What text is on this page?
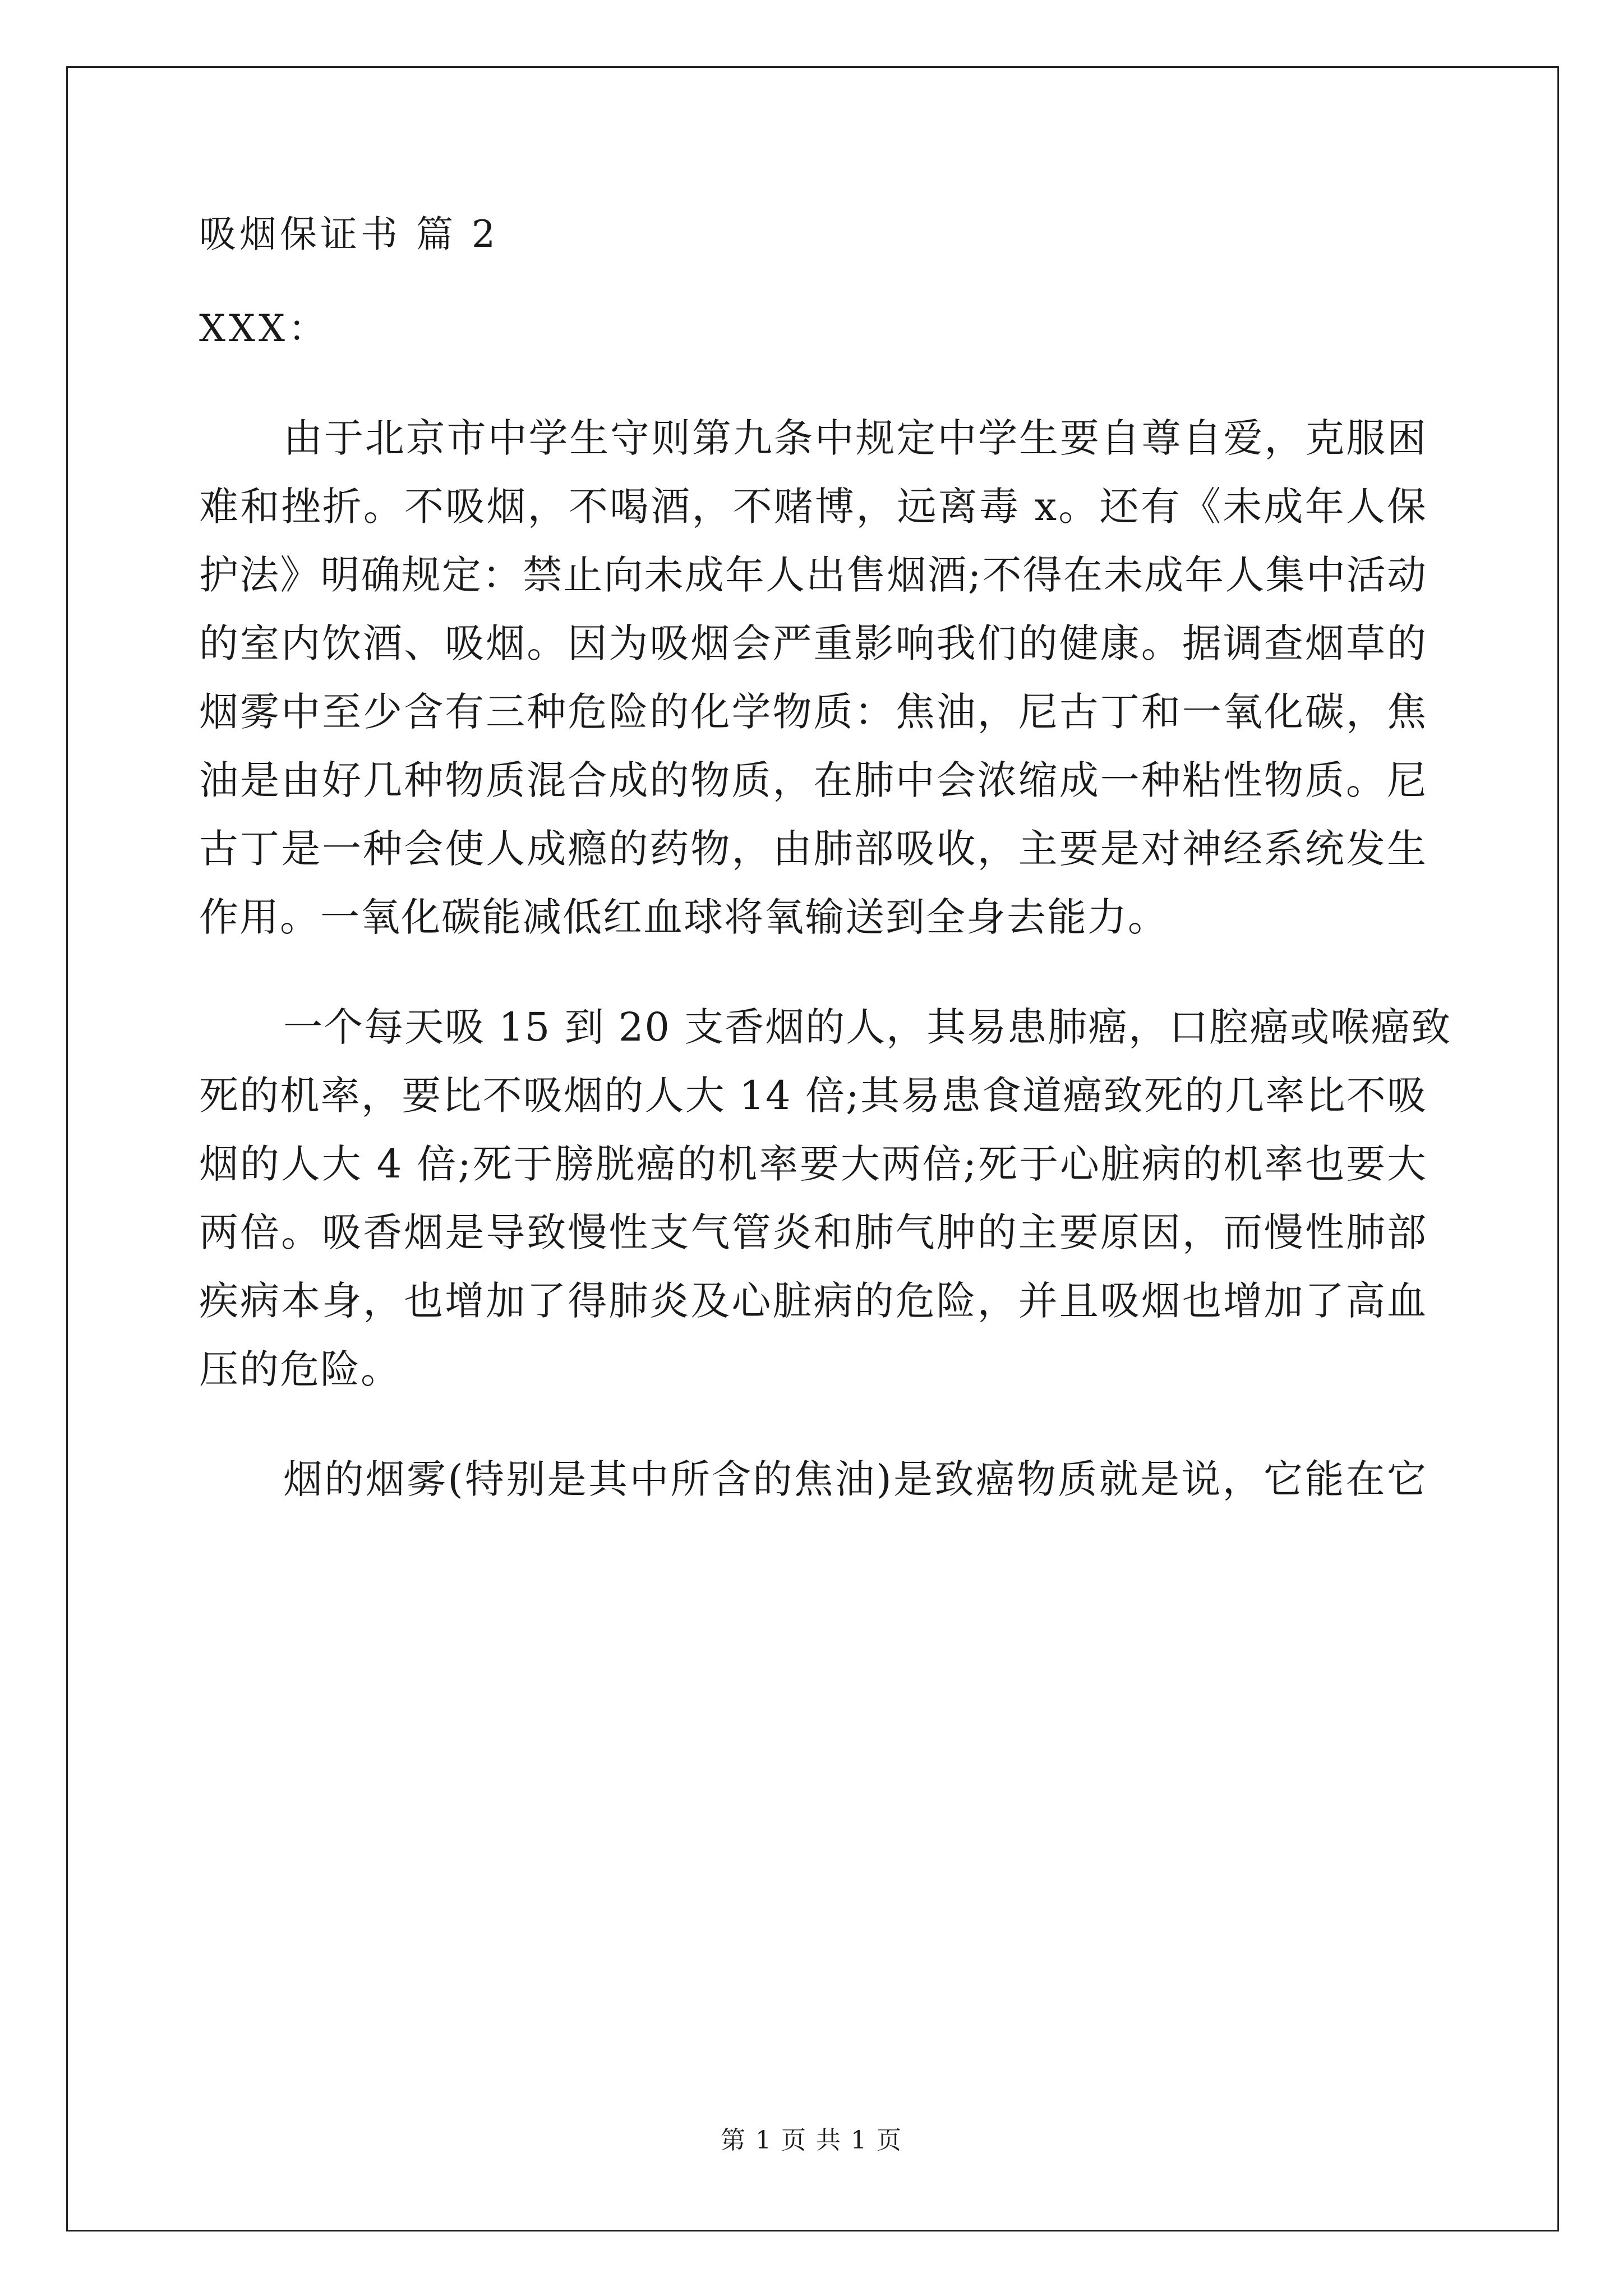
吸烟保证书 篇 2
XXX：
由于北京市中学生守则第九条中规定中学生要自尊自爱，克服困
难和挫折。不吸烟，不喝酒，不赌博，远离毒 x。还有《未成年人保
护法》明确规定：禁止向未成年人出售烟酒;不得在未成年人集中活动
的室内饮酒、吸烟。因为吸烟会严重影响我们的健康。据调查烟草的
烟雾中至少含有三种危险的化学物质：焦油，尼古丁和一氧化碳，焦
油是由好几种物质混合成的物质，在肺中会浓缩成一种粘性物质。尼
古丁是一种会使人成瘾的药物，由肺部吸收，主要是对神经系统发生
作用。一氧化碳能减低红血球将氧输送到全身去能力。
一个每天吸 15 到 20 支香烟的人，其易患肺癌，口腔癌或喉癌致
死的机率，要比不吸烟的人大 14 倍;其易患食道癌致死的几率比不吸
烟的人大 4 倍;死于膀胱癌的机率要大两倍;死于心脏病的机率也要大
两倍。吸香烟是导致慢性支气管炎和肺气肿的主要原因，而慢性肺部
疾病本身，也增加了得肺炎及心脏病的危险，并且吸烟也增加了高血
压的危险。
烟的烟雾(特别是其中所含的焦油)是致癌物质就是说，它能在它
第 1 页 共 1 页
